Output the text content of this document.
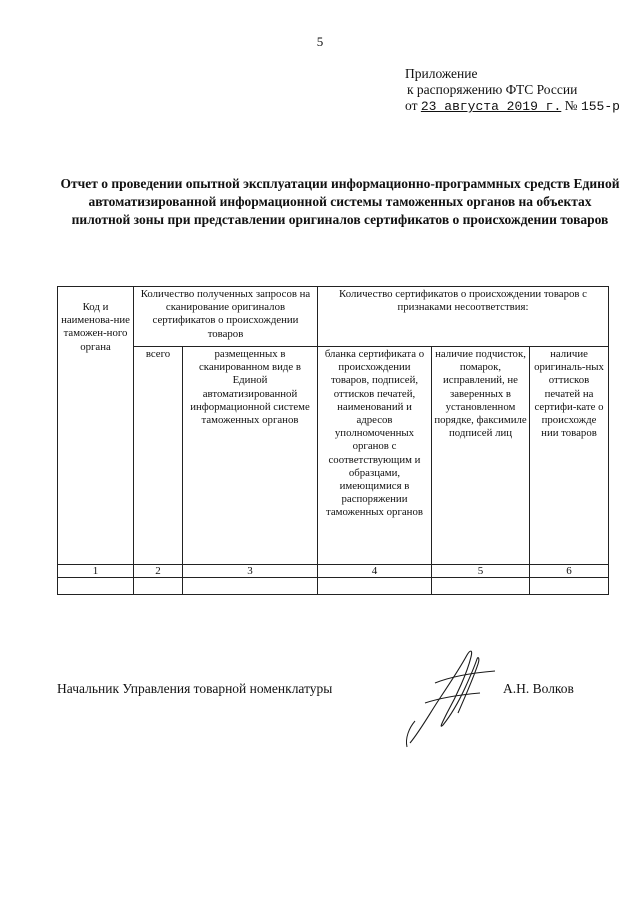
5
Приложение
к распоряжению ФТС России
от 23 августа 2019 г. № 155-р
Отчет о проведении опытной эксплуатации информационно-программных средств Единой автоматизированной информационной системы таможенных органов на объектах пилотной зоны при представлении оригиналов сертификатов о происхождении товаров
Код и наименова-ние таможен-ного органа	Количество полученных запросов на сканирование оригиналов сертификатов о происхождении товаров		Количество сертификатов о происхождении товаров с признаками несоответствия:		
	всего	размещенных в сканированном виде в Единой автоматизированной информационной системе таможенных органов	бланка сертификата о происхождении товаров, подписей, оттисков печатей, наименований и адресов уполномоченных органов с соответствующим и образцами, имеющимися в распоряжении таможенных органов	наличие подчисток, помарок, исправлений, не заверенных в установленном порядке, факсимиле подписей лиц	наличие оригиналь-ных оттисков печатей на сертифи-кате о происхожде нии товаров
1	2	3	4	5	6

Начальник Управления товарной номенклатуры	А.Н. Волков
